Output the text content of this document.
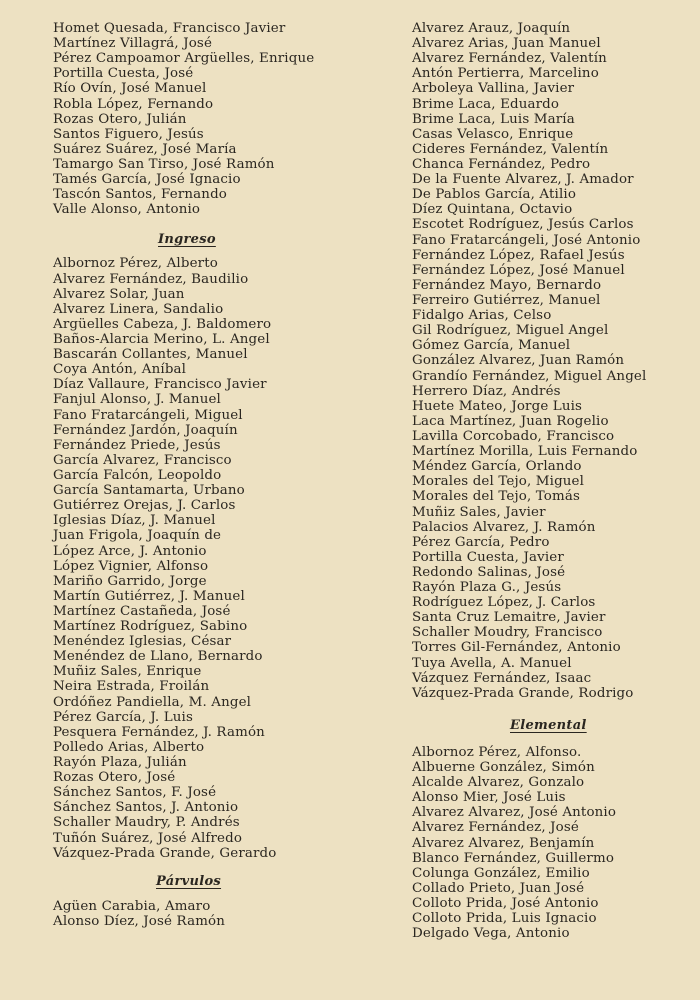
Homet Quesada, Francisco Javier
Martínez Villagrá, José
Pérez Campoamor Argüelles, Enrique
Portilla Cuesta, José
Río Ovín, José Manuel
Robla López, Fernando
Rozas Otero, Julián
Santos Figuero, Jesús
Suárez Suárez, José María
Tamargo San Tirso, José Ramón
Tamés García, José Ignacio
Tascón Santos, Fernando
Valle Alonso, Antonio
Ingreso
Albornoz Pérez, Alberto
Alvarez Fernández, Baudilio
Alvarez Solar, Juan
Alvarez Linera, Sandalio
Argüelles Cabeza, J. Baldomero
Baños-Alarcia Merino, L. Angel
Bascarán Collantes, Manuel
Coya Antón, Aníbal
Díaz Vallaure, Francisco Javier
Fanjul Alonso, J. Manuel
Fano Fratarcángeli, Miguel
Fernández Jardón, Joaquín
Fernández Priede, Jesús
García Alvarez, Francisco
García Falcón, Leopoldo
García Santamarta, Urbano
Gutiérrez Orejas, J. Carlos
Iglesias Díaz, J. Manuel
Juan Frigola, Joaquín de
López Arce, J. Antonio
López Vignier, Alfonso
Mariño Garrido, Jorge
Martín Gutiérrez, J. Manuel
Martínez Castañeda, José
Martínez Rodríguez, Sabino
Menéndez Iglesias, César
Menéndez de Llano, Bernardo
Muñiz Sales, Enrique
Neira Estrada, Froilán
Ordóñez Pandiella, M. Angel
Pérez García, J. Luis
Pesquera Fernández, J. Ramón
Polledo Arias, Alberto
Rayón Plaza, Julián
Rozas Otero, José
Sánchez Santos, F. José
Sánchez Santos, J. Antonio
Schaller Maudry, P. Andrés
Tuñón Suárez, José Alfredo
Vázquez-Prada Grande, Gerardo
Párvulos
Agüen Carabia, Amaro
Alonso Díez, José Ramón
Alvarez Arauz, Joaquín
Alvarez Arias, Juan Manuel
Alvarez Fernández, Valentín
Antón Pertierra, Marcelino
Arboleya Vallina, Javier
Brime Laca, Eduardo
Brime Laca, Luis María
Casas Velasco, Enrique
Cideres Fernández, Valentín
Chanca Fernández, Pedro
De la Fuente Alvarez, J. Amador
De Pablos García, Atilio
Díez Quintana, Octavio
Escotet Rodríguez, Jesús Carlos
Fano Fratarcángeli, José Antonio
Fernández López, Rafael Jesús
Fernández López, José Manuel
Fernández Mayo, Bernardo
Ferreiro Gutiérrez, Manuel
Fidalgo Arias, Celso
Gil Rodríguez, Miguel Angel
Gómez García, Manuel
González Alvarez, Juan Ramón
Grandío Fernández, Miguel Angel
Herrero Díaz, Andrés
Huete Mateo, Jorge Luis
Laca Martínez, Juan Rogelio
Lavilla Corcobado, Francisco
Martínez Morilla, Luis Fernando
Méndez García, Orlando
Morales del Tejo, Miguel
Morales del Tejo, Tomás
Muñiz Sales, Javier
Palacios Alvarez, J. Ramón
Pérez García, Pedro
Portilla Cuesta, Javier
Redondo Salinas, José
Rayón Plaza G., Jesús
Rodríguez López, J. Carlos
Santa Cruz Lemaitre, Javier
Schaller Moudry, Francisco
Torres Gil-Fernández, Antonio
Tuya Avella, A. Manuel
Vázquez Fernández, Isaac
Vázquez-Prada Grande, Rodrigo
Elemental
Albornoz Pérez, Alfonso.
Albuerne González, Simón
Alcalde Alvarez, Gonzalo
Alonso Mier, José Luis
Alvarez Alvarez, José Antonio
Alvarez Fernández, José
Alvarez Alvarez, Benjamín
Blanco Fernández, Guillermo
Colunga González, Emilio
Collado Prieto, Juan José
Colloto Prida, José Antonio
Colloto Prida, Luis Ignacio
Delgado Vega, Antonio
